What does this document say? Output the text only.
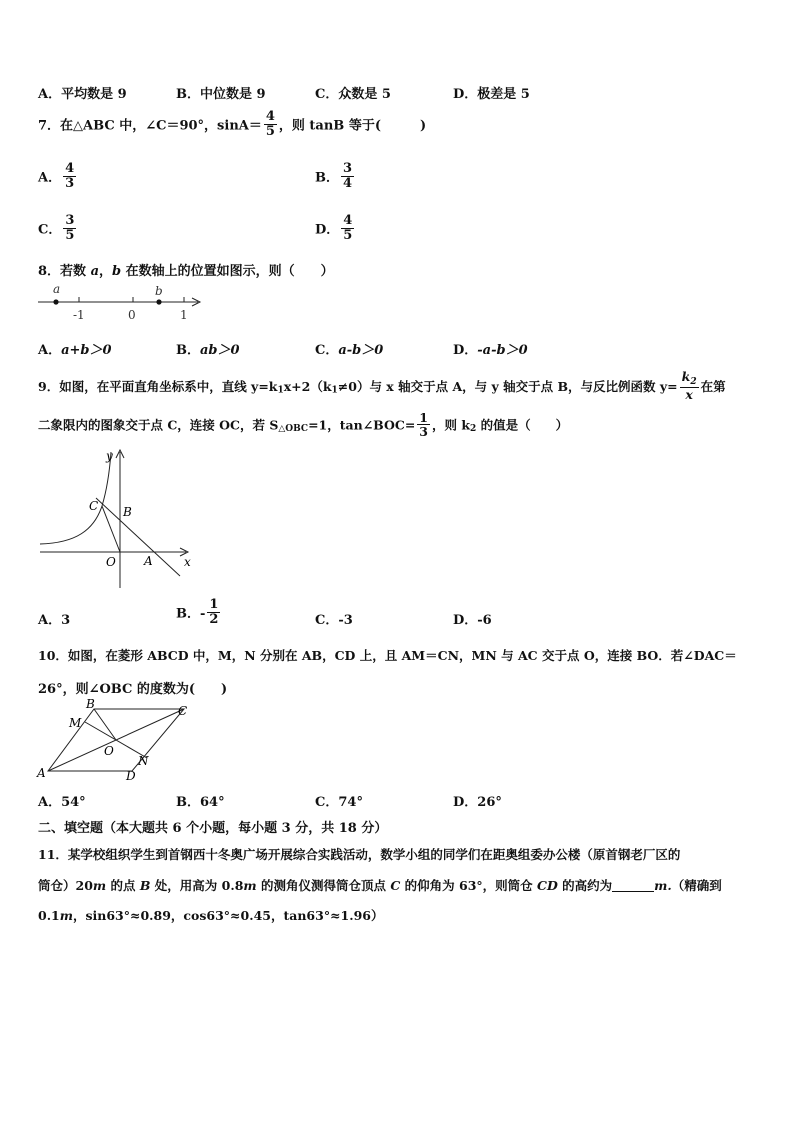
A．平均数是 9	B．中位数是 9	C．众数是 5	D．极差是 5
7．在△ABC 中，∠C＝90°，$\sin A= \frac{4}{5}$ ，则 tanB 等于(　　　)
A． $\frac{4}{3}$	B． $\frac{3}{4}$
C． $\frac{3}{5}$	D． $\frac{4}{5}$
8．若数 a，b 在数轴上的位置如图示，则（　　）
a	b
-1	0	1
A．a+b＞0	B．ab＞0	C．a-b＞0	D．-a-b＞0
9．如图，在平面直角坐标系中，直线 $y=k_1x+2(k_1\ne 0)$与 x 轴交于点 A，与 y 轴交于点 B，与反比例函数 $y= \frac{k_2}{x}$ 在第
二象限内的图象交于点 C，连接 OC，若 $S_{\triangle OBC}=1$，tan∠BOC= $\frac{1}{3}$ ，则 $k_2$ 的值是（　　）
y
x
C B
O A
A．3	B．- $\frac{1}{2}$	C．-3	D．-6
10．如图，在菱形 ABCD 中，M，N 分别在 AB，CD 上，且 AM＝CN，MN 与 AC 交于点 O，连接 BO．若∠DAC＝
26°，则∠OBC 的度数为(　　)
B	C
M
O
N
A	D
A．54°	B．64°	C．74°	D．26°
二、填空题（本大题共 6 个小题，每小题 3 分，共 18 分）
11．某学校组织学生到首钢西十冬奥广场开展综合实践活动，数学小组的同学们在距奥组委办公楼（原首钢老厂区的
筒仓）20m 的点 B 处，用高为 0.8m 的测角仪测得筒仓顶点 C 的仰角为 63°，则筒仓 CD 的高约为	m.（精确到
0.1m，sin63°≈0.89，cos63°≈0.45，tan63°≈1.96）
